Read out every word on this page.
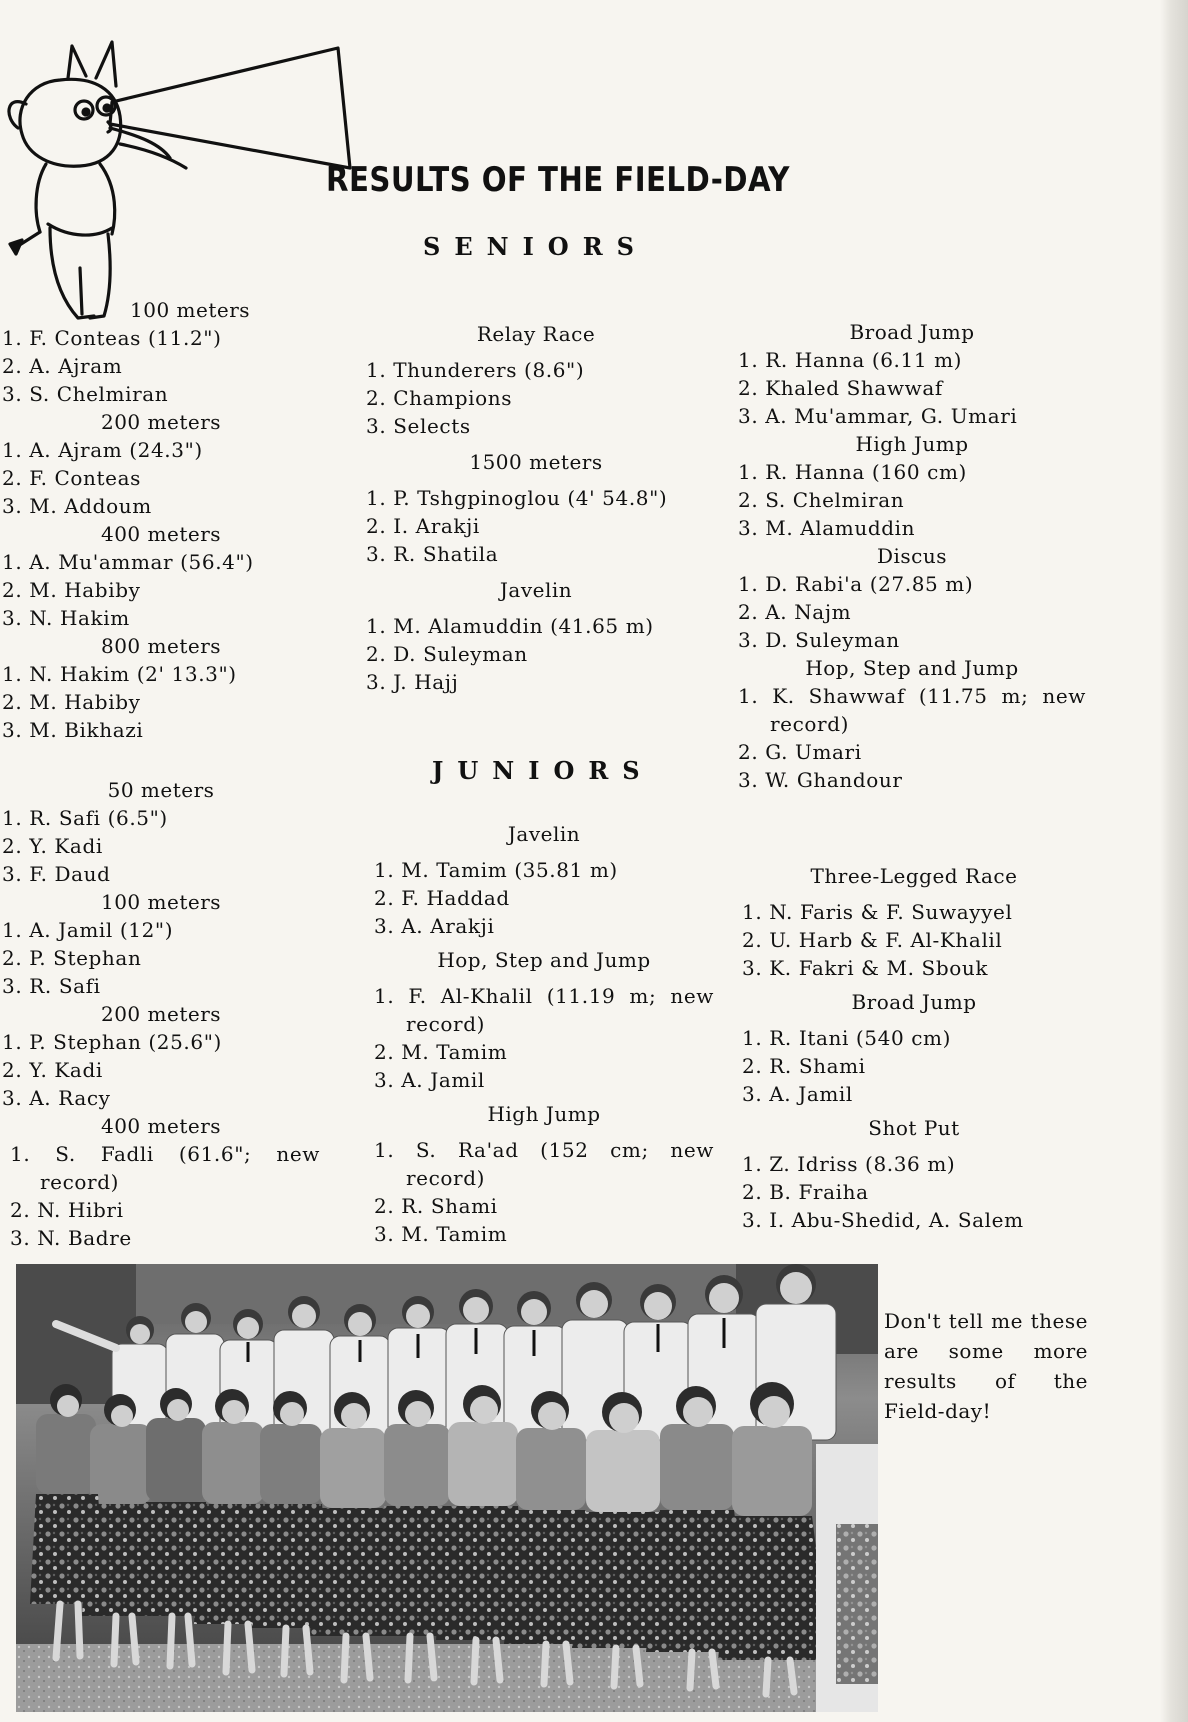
RESULTS OF THE FIELD-DAY
SENIORS
JUNIORS
100 meters
1. F. Conteas (11.2")
2. A. Ajram
3. S. Chelmiran
200 meters
1. A. Ajram (24.3")
2. F. Conteas
3. M. Addoum
400 meters
1. A. Mu'ammar (56.4")
2. M. Habiby
3. N. Hakim
800 meters
1. N. Hakim (2' 13.3")
2. M. Habiby
3. M. Bikhazi
50 meters
1. R. Safi (6.5")
2. Y. Kadi
3. F. Daud
100 meters
1. A. Jamil (12")
2. P. Stephan
3. R. Safi
200 meters
1. P. Stephan (25.6")
2. Y. Kadi
3. A. Racy
400 meters
1. S. Fadli (61.6"; new record)
2. N. Hibri
3. N. Badre
Relay Race
1. Thunderers (8.6")
2. Champions
3. Selects
1500 meters
1. P. Tshgpinoglou (4' 54.8")
2. I. Arakji
3. R. Shatila
Javelin
1. M. Alamuddin (41.65 m)
2. D. Suleyman
3. J. Hajj
Javelin
1. M. Tamim (35.81 m)
2. F. Haddad
3. A. Arakji
Hop, Step and Jump
1. F. Al-Khalil (11.19 m; new record)
2. M. Tamim
3. A. Jamil
High Jump
1. S. Ra'ad (152 cm; new record)
2. R. Shami
3. M. Tamim
Broad Jump
1. R. Hanna (6.11 m)
2. Khaled Shawwaf
3. A. Mu'ammar, G. Umari
High Jump
1. R. Hanna (160 cm)
2. S. Chelmiran
3. M. Alamuddin
Discus
1. D. Rabi'a (27.85 m)
2. A. Najm
3. D. Suleyman
Hop, Step and Jump
1. K. Shawwaf (11.75 m; new record)
2. G. Umari
3. W. Ghandour
Three-Legged Race
1. N. Faris & F. Suwayyel
2. U. Harb & F. Al-Khalil
3. K. Fakri & M. Sbouk
Broad Jump
1. R. Itani (540 cm)
2. R. Shami
3. A. Jamil
Shot Put
1. Z. Idriss (8.36 m)
2. B. Fraiha
3. I. Abu-Shedid, A. Salem

Don't tell me these are some more results of the Field-day!
